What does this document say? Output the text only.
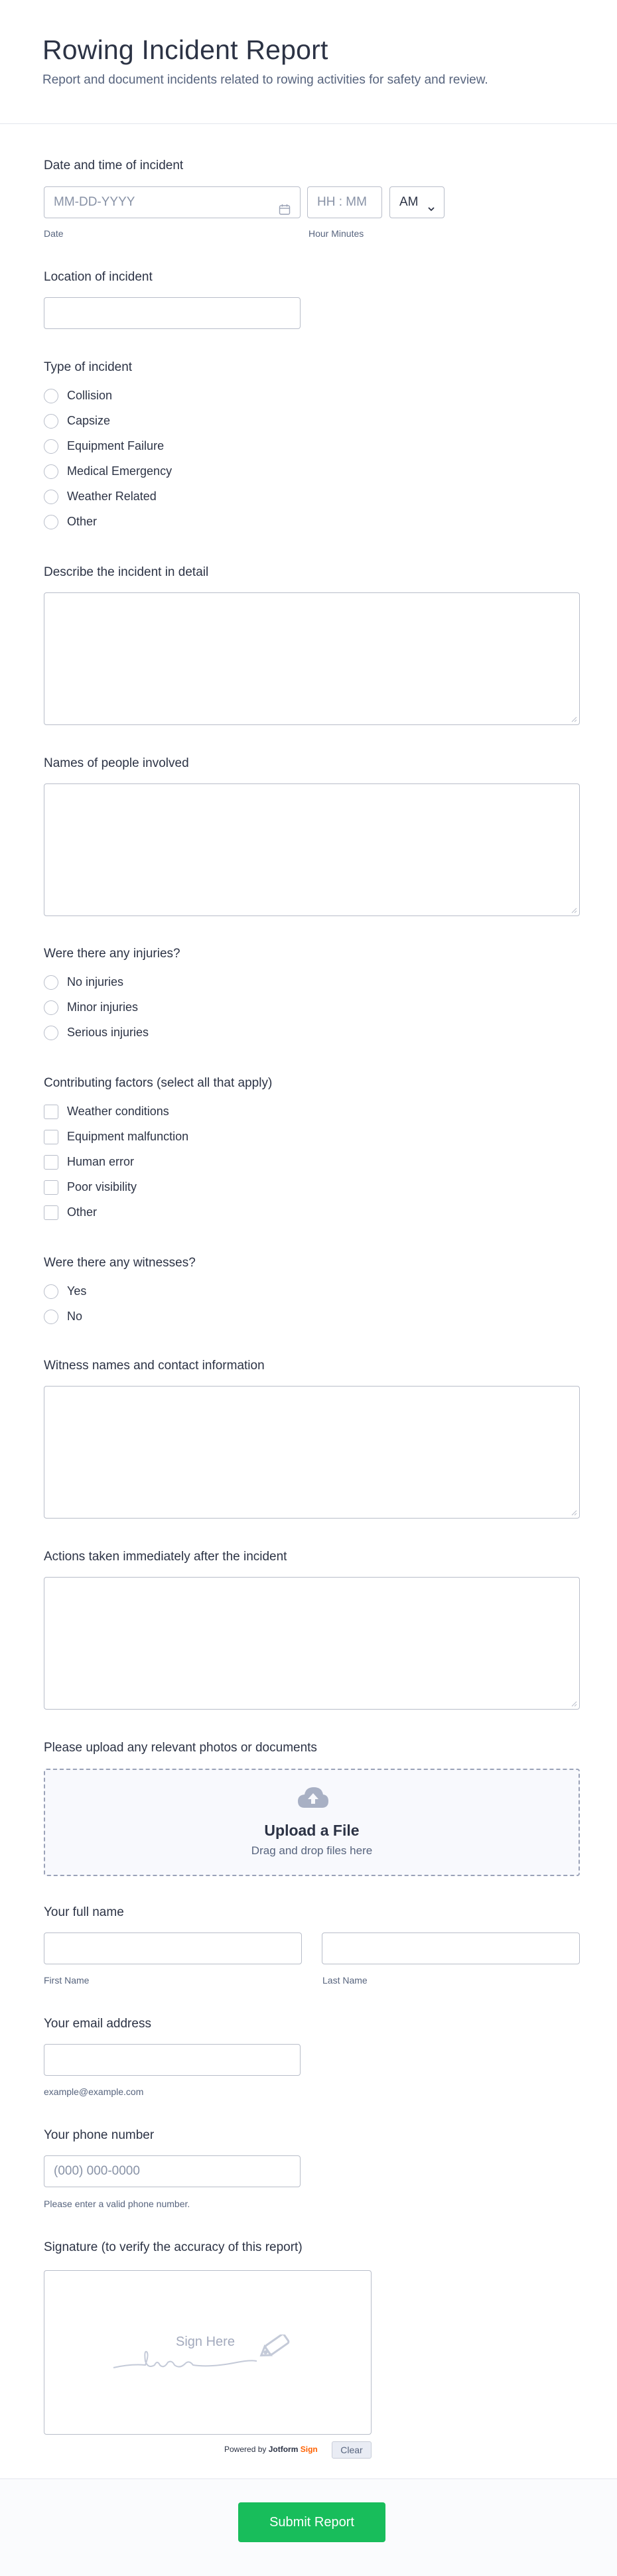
Rowing Incident Report
Report and document incidents related to rowing activities for safety and review.
Date and time of incident
MM-DD-YYYY
Date
HH : MM
Hour Minutes
AM
Location of incident
Type of incident
Collision
Capsize
Equipment Failure
Medical Emergency
Weather Related
Other
Describe the incident in detail
Names of people involved
Were there any injuries?
No injuries
Minor injuries
Serious injuries
Contributing factors (select all that apply)
Weather conditions
Equipment malfunction
Human error
Poor visibility
Other
Were there any witnesses?
Yes
No
Witness names and contact information
Actions taken immediately after the incident
Please upload any relevant photos or documents
Upload a File
Drag and drop files here
Your full name
First Name	Last Name
Your email address
example@example.com
Your phone number
(000) 000-0000
Please enter a valid phone number.
Signature (to verify the accuracy of this report)
Sign Here
Powered by Jotform Sign	Clear
Submit Report
